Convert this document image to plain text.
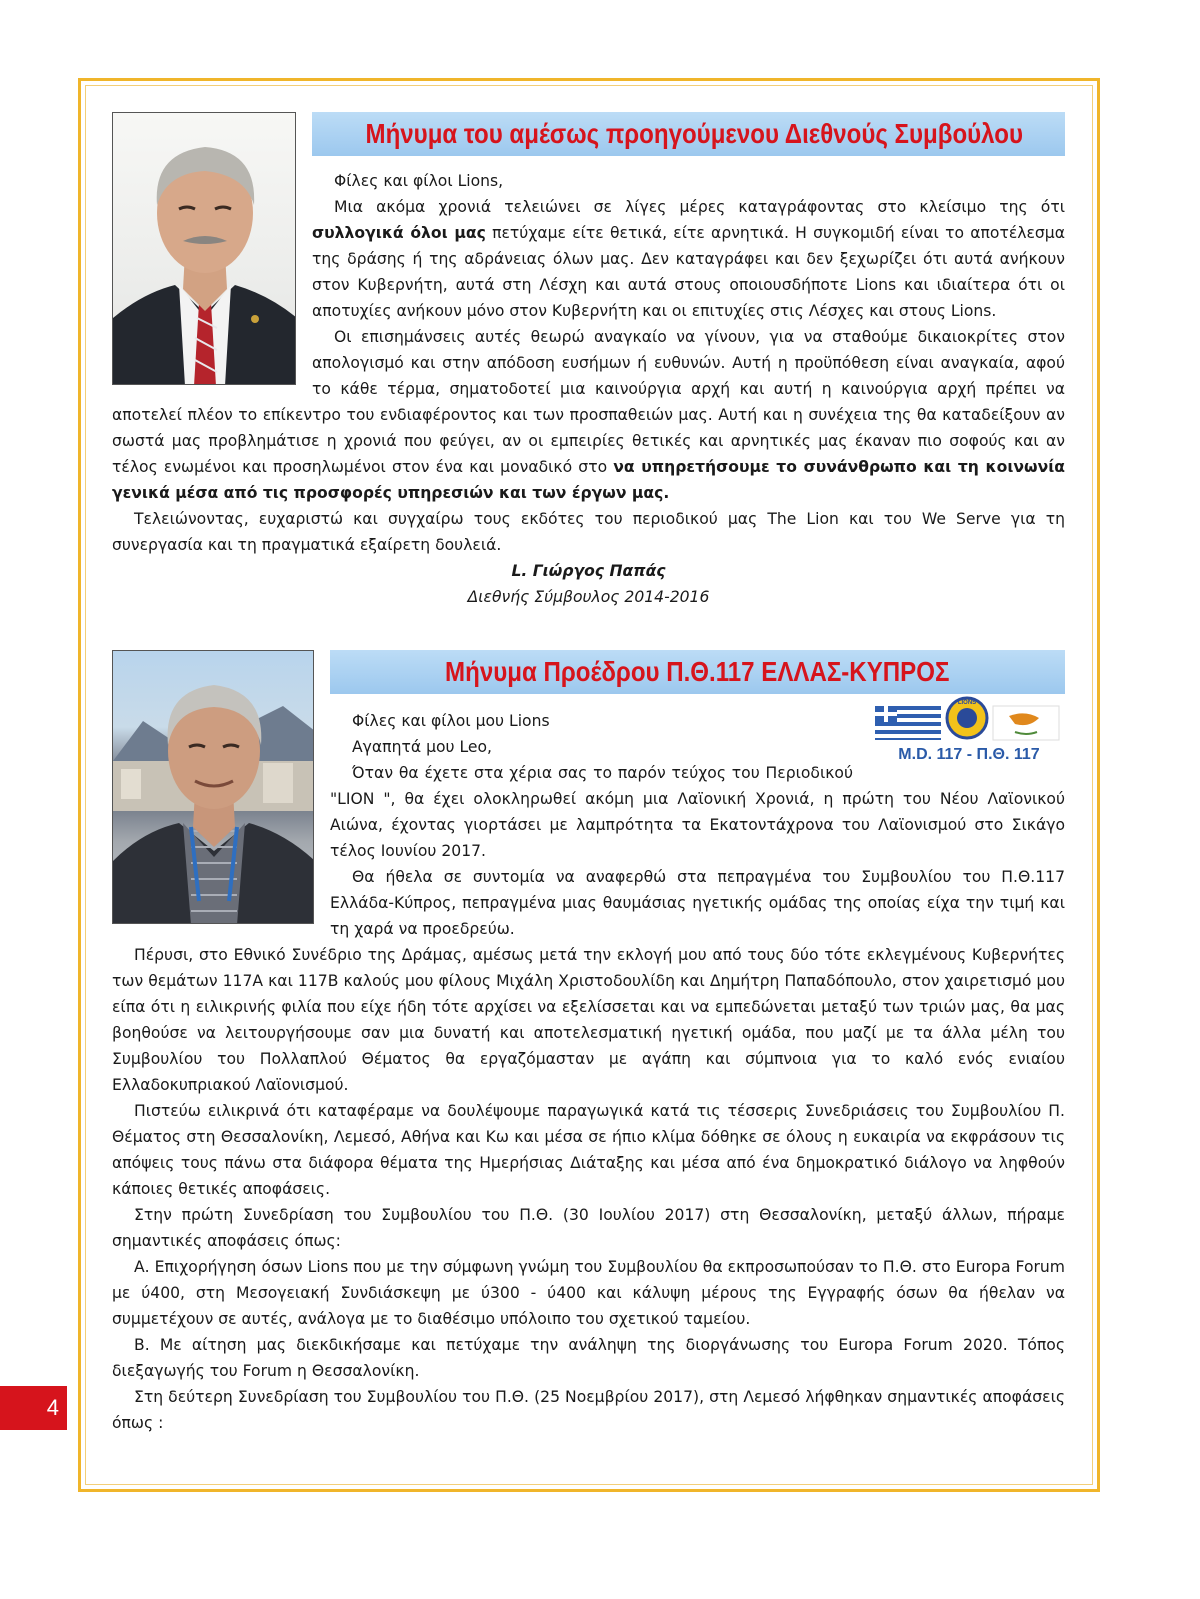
Μήνυμα του αμέσως προηγούμενου Διεθνούς Συμβούλου

Φίλες και φίλοι Lions,

Μια ακόμα χρονιά τελειώνει σε λίγες μέρες καταγράφοντας στο κλείσιμο της ότι συλλογικά όλοι μας πετύχαμε είτε θετικά, είτε αρνητικά. Η συγκομιδή είναι το αποτέλεσμα της δράσης ή της αδράνειας όλων μας. Δεν καταγράφει και δεν ξεχωρίζει ότι αυτά ανήκουν στον Κυβερνήτη, αυτά στη Λέσχη και αυτά στους οποιουσδήποτε Lions και ιδιαίτερα ότι οι αποτυχίες ανήκουν μόνο στον Κυβερνήτη και οι επιτυχίες στις Λέσχες και στους Lions.

Οι επισημάνσεις αυτές θεωρώ αναγκαίο να γίνουν, για να σταθούμε δικαιοκρίτες στον απολογισμό και στην απόδοση ευσήμων ή ευθυνών. Αυτή η προϋπόθεση είναι αναγκαία, αφού το κάθε τέρμα, σηματοδοτεί μια καινούργια αρχή και αυτή η καινούργια αρχή πρέπει να αποτελεί πλέον το επίκεντρο του ενδιαφέροντος και των προσπαθειών μας. Αυτή και η συνέχεια της θα καταδείξουν αν σωστά μας προβλημάτισε η χρονιά που φεύγει, αν οι εμπειρίες θετικές και αρνητικές μας έκαναν πιο σοφούς και αν τέλος ενωμένοι και προσηλωμένοι στον ένα και μοναδικό στο να υπηρετήσουμε το συνάνθρωπο και τη κοινωνία γενικά μέσα από τις προσφορές υπηρεσιών και των έργων μας.

Τελειώνοντας, ευχαριστώ και συγχαίρω τους εκδότες του περιοδικού μας The Lion και του We Serve για τη συνεργασία και τη πραγματικά εξαίρετη δουλειά.

L. Γιώργος Παπάς
Διεθνής Σύμβουλος 2014-2016
Μήνυμα Προέδρου Π.Θ.117 ΕΛΛΑΣ-ΚΥΠΡΟΣ
LIONS
M.D. 117 - Π.Θ. 117

Φίλες και φίλοι μου Lions

Αγαπητά μου Leo,

Όταν θα έχετε στα χέρια σας το παρόν τεύχος του Περιοδικού "LION ", θα έχει ολοκληρωθεί ακόμη μια Λαϊονική Χρονιά, η πρώτη του Νέου Λαϊονικού Αιώνα, έχοντας γιορτάσει με λαμπρότητα τα Εκατοντάχρονα του Λαϊονισμού στο Σικάγο τέλος Ιουνίου 2017.

Θα ήθελα σε συντομία να αναφερθώ στα πεπραγμένα του Συμβουλίου του Π.Θ.117 Ελλάδα-Κύπρος, πεπραγμένα μιας θαυμάσιας ηγετικής ομάδας της οποίας είχα την τιμή και τη χαρά να προεδρεύω.

Πέρυσι, στο Εθνικό Συνέδριο της Δράμας, αμέσως μετά την εκλογή μου από τους δύο τότε εκλεγμένους Κυβερνήτες των θεμάτων 117Α και 117Β καλούς μου φίλους Μιχάλη Χριστοδουλίδη και Δημήτρη Παπαδόπουλο, στον χαιρετισμό μου είπα ότι η ειλικρινής φιλία που είχε ήδη τότε αρχίσει να εξελίσσεται και να εμπεδώνεται μεταξύ των τριών μας, θα μας βοηθούσε να λειτουργήσουμε σαν μια δυνατή και αποτελεσματική ηγετική ομάδα, που μαζί με τα άλλα μέλη του Συμβουλίου του Πολλαπλού Θέματος θα εργαζόμασταν με αγάπη και σύμπνοια για το καλό ενός ενιαίου Ελλαδοκυπριακού Λαϊονισμού.

Πιστεύω ειλικρινά ότι καταφέραμε να δουλέψουμε παραγωγικά κατά τις τέσσερις Συνεδριάσεις του Συμβουλίου Π. Θέματος στη Θεσσαλονίκη, Λεμεσό, Αθήνα και Κω και μέσα σε ήπιο κλίμα δόθηκε σε όλους η ευκαιρία να εκφράσουν τις απόψεις τους πάνω στα διάφορα θέματα της Ημερήσιας Διάταξης και μέσα από ένα δημοκρατικό διάλογο να ληφθούν κάποιες θετικές αποφάσεις.

Στην πρώτη Συνεδρίαση του Συμβουλίου του Π.Θ. (30 Ιουλίου 2017) στη Θεσσαλονίκη, μεταξύ άλλων, πήραμε σημαντικές αποφάσεις όπως:

Α. Επιχορήγηση όσων Lions που με την σύμφωνη γνώμη του Συμβουλίου θα εκπροσωπούσαν το Π.Θ. στο Europa Forum με ύ400, στη Μεσογειακή Συνδιάσκεψη με ύ300 - ύ400 και κάλυψη μέρους της Εγγραφής όσων θα ήθελαν να συμμετέχουν σε αυτές, ανάλογα με το διαθέσιμο υπόλοιπο του σχετικού ταμείου.

Β. Με αίτηση μας διεκδικήσαμε και πετύχαμε την ανάληψη της διοργάνωσης του Europa Forum 2020. Τόπος διεξαγωγής του Forum η Θεσσαλονίκη.

Στη δεύτερη Συνεδρίαση του Συμβουλίου του Π.Θ. (25 Νοεμβρίου 2017), στη Λεμεσό λήφθηκαν σημαντικές αποφάσεις όπως :

4
